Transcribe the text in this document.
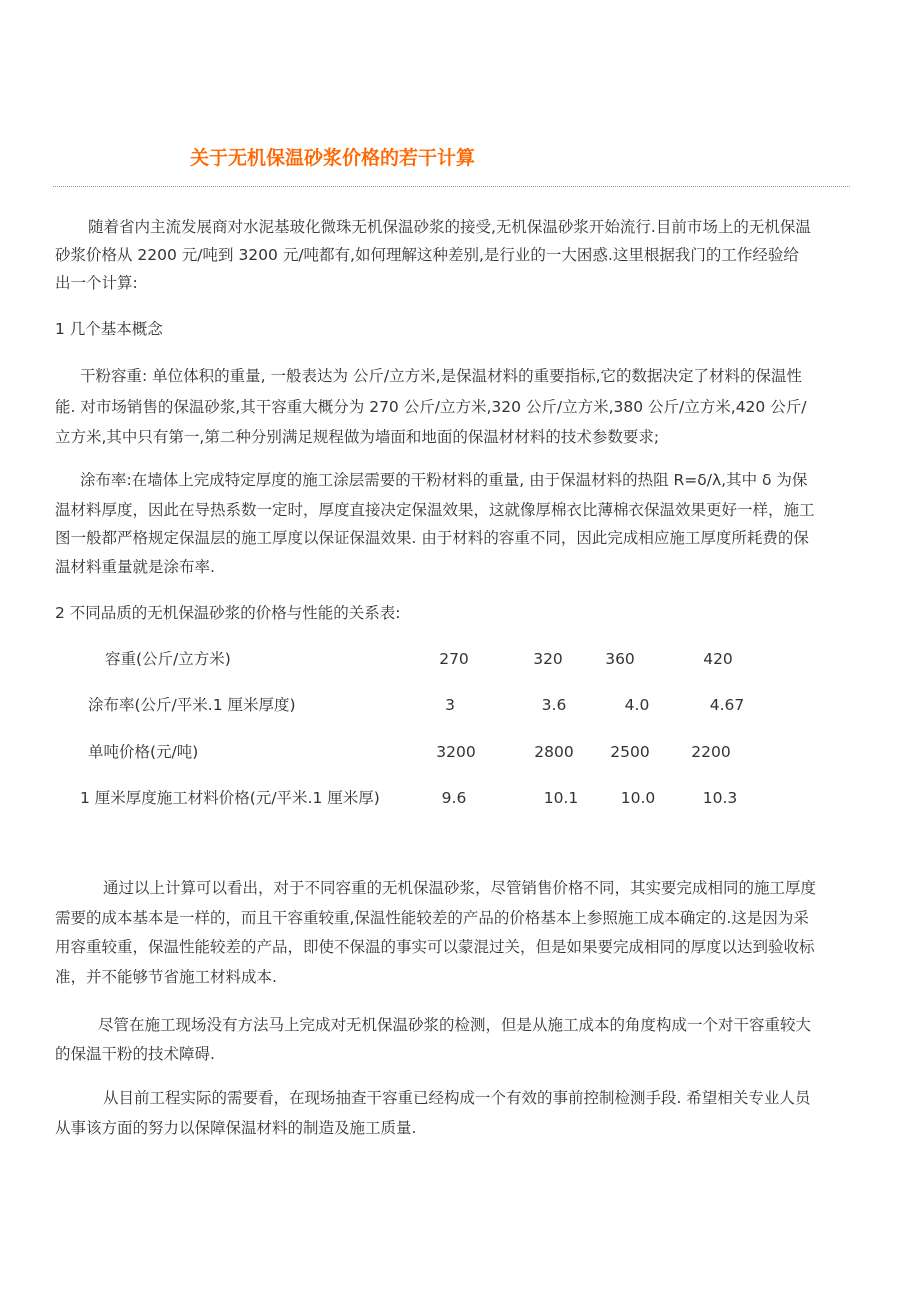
关于无机保温砂浆价格的若干计算
随着省内主流发展商对水泥基玻化微珠无机保温砂浆的接受,无机保温砂浆开始流行.目前市场上的无机保温
砂浆价格从 2200 元/吨到 3200 元/吨都有,如何理解这种差别,是行业的一大困惑.这里根据我门的工作经验给
出一个计算:
1 几个基本概念
干粉容重: 单位体积的重量, 一般表达为 公斤/立方米,是保温材料的重要指标,它的数据决定了材料的保温性
能. 对市场销售的保温砂浆,其干容重大概分为 270 公斤/立方米,320 公斤/立方米,380 公斤/立方米,420 公斤/
立方米,其中只有第一,第二种分别满足规程做为墙面和地面的保温材材料的技术参数要求;
涂布率:在墙体上完成特定厚度的施工涂层需要的干粉材料的重量, 由于保温材料的热阻 R=δ/λ,其中 δ 为保
温材料厚度，因此在导热系数一定时，厚度直接决定保温效果，这就像厚棉衣比薄棉衣保温效果更好一样，施工
图一般都严格规定保温层的施工厚度以保证保温效果. 由于材料的容重不同，因此完成相应施工厚度所耗费的保
温材料重量就是涂布率.
2 不同品质的无机保温砂浆的价格与性能的关系表:
容重(公斤/立方米)	270	320	360	420
涂布率(公斤/平米.1 厘米厚度)	3	3.6	4.0	4.67
单吨价格(元/吨)	3200	2800	2500	2200
1 厘米厚度施工材料价格(元/平米.1 厘米厚)	9.6	10.1	10.0	10.3
通过以上计算可以看出，对于不同容重的无机保温砂浆，尽管销售价格不同，其实要完成相同的施工厚度
需要的成本基本是一样的，而且干容重较重,保温性能较差的产品的价格基本上参照施工成本确定的.这是因为采
用容重较重，保温性能较差的产品，即使不保温的事实可以蒙混过关，但是如果要完成相同的厚度以达到验收标
准，并不能够节省施工材料成本.
尽管在施工现场没有方法马上完成对无机保温砂浆的检测，但是从施工成本的角度构成一个对干容重较大
的保温干粉的技术障碍.
从目前工程实际的需要看，在现场抽查干容重已经构成一个有效的事前控制检测手段. 希望相关专业人员
从事该方面的努力以保障保温材料的制造及施工质量.
